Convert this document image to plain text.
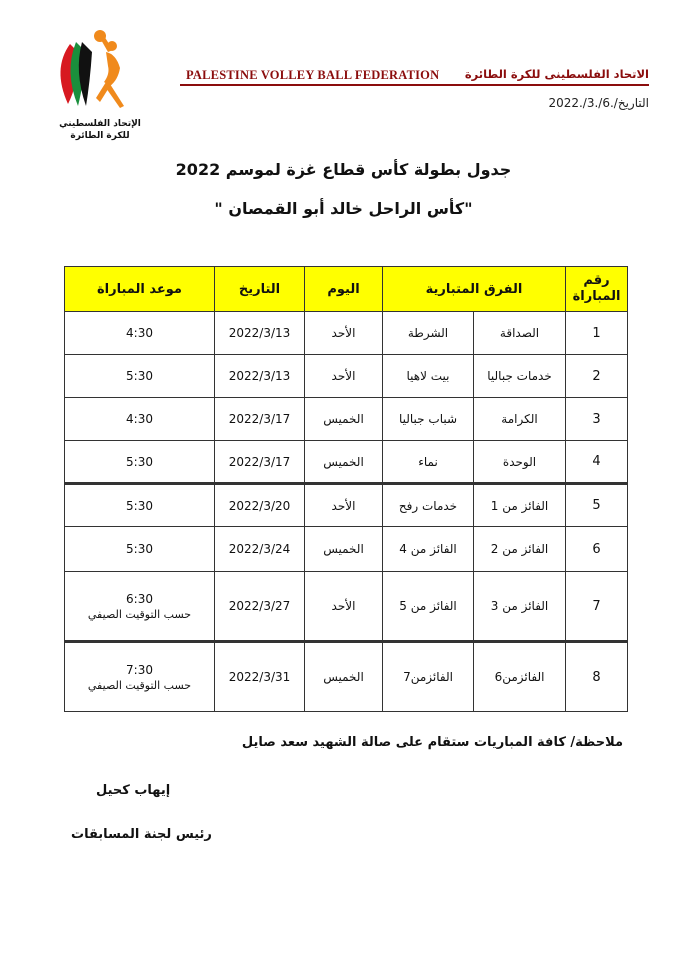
الإتحاد الفلسطيني
للكرة الطائرة
PALESTINE VOLLEY BALL FEDERATION الاتحاد الفلسطينى للكرة الطائرة
التاريخ/.6/.3/.2022
جدول بطولة كأس قطاع غزة لموسم 2022
"كأس الراحل خالد أبو القمصان "
رقم المباراة	الفرق المتبارية		اليوم	التاريخ	موعد المباراة
1	الصداقة	الشرطة	الأحد	2022/3/13	4:30
2	خدمات جباليا	بيت لاهيا	الأحد	2022/3/13	5:30
3	الكرامة	شباب جباليا	الخميس	2022/3/17	4:30
4	الوحدة	نماء	الخميس	2022/3/17	5:30
5	الفائز من 1	خدمات رفح	الأحد	2022/3/20	5:30
6	الفائز من 2	الفائز من 4	الخميس	2022/3/24	5:30
7	الفائز من 3	الفائز من 5	الأحد	2022/3/27	6:30
حسب التوقيت الصيفي

8	الفائزمن6	الفائزمن7	الخميس	2022/3/31	7:30
حسب التوقيت الصيفي
ملاحظة/ كافة المباريات ستقام على صالة الشهيد سعد صايل
إيهاب كحيل
رئيس لجنة المسابقات
